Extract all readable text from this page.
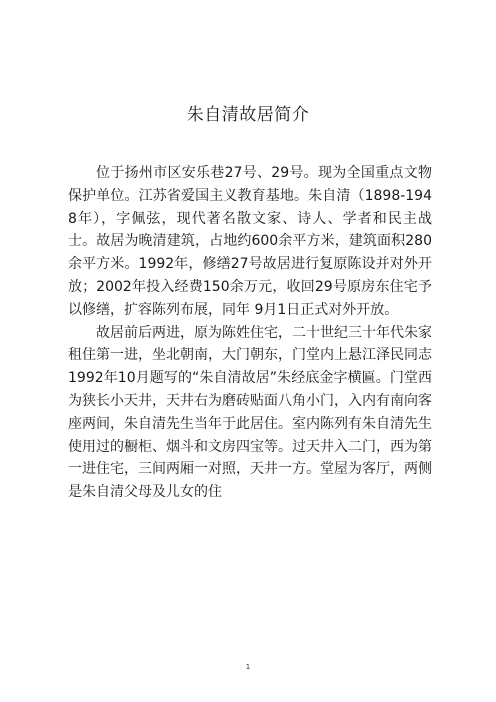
朱自清故居简介

位于扬州市区安乐巷27号、29号。现为全国重点文物保护单位。江苏省爱国主义教育基地。朱自清（1898-1948年），字佩弦，现代著名散文家、诗人、学者和民主战士。故居为晚清建筑，占地约600余平方米，建筑面积280余平方米。1992年，修缮27号故居进行复原陈设并对外开放；2002年投入经费150余万元，收回29号原房东住宅予以修缮，扩容陈列布展，同年 9月1日正式对外开放。

故居前后两进，原为陈姓住宅，二十世纪三十年代朱家租住第一进，坐北朝南，大门朝东，门堂内上悬江泽民同志1992年10月题写的“朱自清故居”朱经底金字横匾。门堂西为狭长小天井，天井右为磨砖贴面八角小门，入内有南向客座两间，朱自清先生当年于此居住。室内陈列有朱自清先生使用过的橱柜、烟斗和文房四宝等。过天井入二门，西为第一进住宅，三间两厢一对照，天井一方。堂屋为客厅，两侧是朱自清父母及儿女的住

1
